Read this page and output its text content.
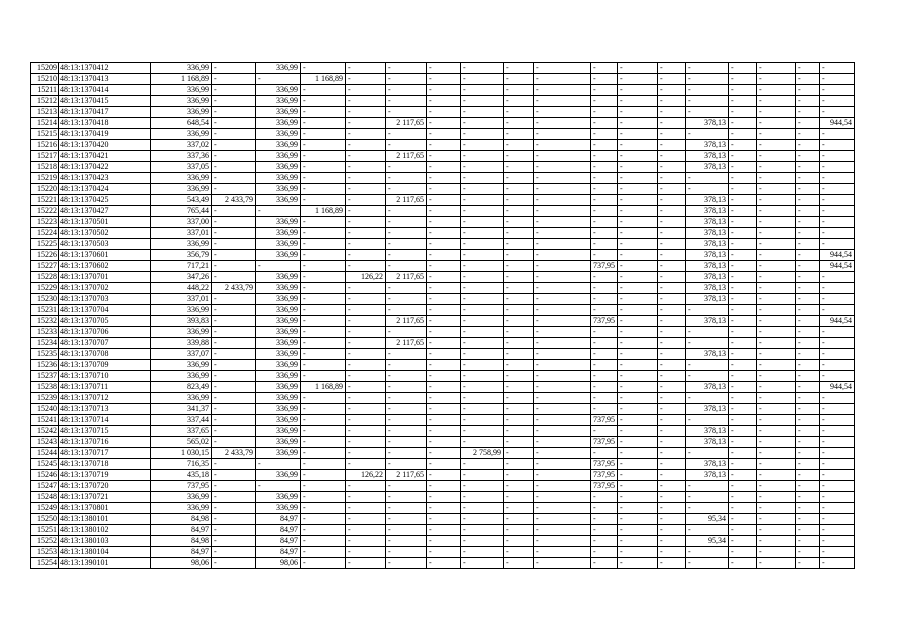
15209	48:13:1370412	336,99	-	336,99	-	-	-	-	-	-	-	-	-	-	-	-	-	-	-
15210	48:13:1370413	1 168,89	-	-	1 168,89	-	-	-	-	-	-	-	-	-	-	-	-	-	-
15211	48:13:1370414	336,99	-	336,99	-	-	-	-	-	-	-	-	-	-	-	-	-	-	-
15212	48:13:1370415	336,99	-	336,99	-	-	-	-	-	-	-	-	-	-	-	-	-	-	-
15213	48:13:1370417	336,99	-	336,99	-	-	-	-	-	-	-	-	-	-	-	-	-	-	-
15214	48:13:1370418	648,54	-	336,99	-	-	2 117,65	-	-	-	-	-	-	-	378,13	-	-	-	944,54
15215	48:13:1370419	336,99	-	336,99	-	-	-	-	-	-	-	-	-	-	-	-	-	-	-
15216	48:13:1370420	337,02	-	336,99	-	-	-	-	-	-	-	-	-	-	378,13	-	-	-	-
15217	48:13:1370421	337,36	-	336,99	-	-	2 117,65	-	-	-	-	-	-	-	378,13	-	-	-	-
15218	48:13:1370422	337,05	-	336,99	-	-	-	-	-	-	-	-	-	-	378,13	-	-	-	-
15219	48:13:1370423	336,99	-	336,99	-	-	-	-	-	-	-	-	-	-	-	-	-	-	-
15220	48:13:1370424	336,99	-	336,99	-	-	-	-	-	-	-	-	-	-	-	-	-	-	-
15221	48:13:1370425	543,49	2 433,79	336,99	-	-	2 117,65	-	-	-	-	-	-	-	378,13	-	-	-	-
15222	48:13:1370427	765,44	-	-	1 168,89	-	-	-	-	-	-	-	-	-	378,13	-	-	-	-
15223	48:13:1370501	337,00	-	336,99	-	-	-	-	-	-	-	-	-	-	378,13	-	-	-	-
15224	48:13:1370502	337,01	-	336,99	-	-	-	-	-	-	-	-	-	-	378,13	-	-	-	-
15225	48:13:1370503	336,99	-	336,99	-	-	-	-	-	-	-	-	-	-	378,13	-	-	-	-
15226	48:13:1370601	356,79	-	336,99	-	-	-	-	-	-	-	-	-	-	378,13	-	-	-	944,54
15227	48:13:1370602	717,21	-	-	-	-	-	-	-	-	-	737,95	-	-	378,13	-	-	-	944,54
15228	48:13:1370701	347,26	-	336,99	-	126,22	2 117,65	-	-	-	-	-	-	-	378,13	-	-	-	-
15229	48:13:1370702	448,22	2 433,79	336,99	-	-	-	-	-	-	-	-	-	-	378,13	-	-	-	-
15230	48:13:1370703	337,01	-	336,99	-	-	-	-	-	-	-	-	-	-	378,13	-	-	-	-
15231	48:13:1370704	336,99	-	336,99	-	-	-	-	-	-	-	-	-	-	-	-	-	-	-
15232	48:13:1370705	393,83	-	336,99	-	-	2 117,65	-	-	-	-	737,95	-	-	378,13	-	-	-	944,54
15233	48:13:1370706	336,99	-	336,99	-	-	-	-	-	-	-	-	-	-	-	-	-	-	-
15234	48:13:1370707	339,88	-	336,99	-	-	2 117,65	-	-	-	-	-	-	-	-	-	-	-	-
15235	48:13:1370708	337,07	-	336,99	-	-	-	-	-	-	-	-	-	-	378,13	-	-	-	-
15236	48:13:1370709	336,99	-	336,99	-	-	-	-	-	-	-	-	-	-	-	-	-	-	-
15237	48:13:1370710	336,99	-	336,99	-	-	-	-	-	-	-	-	-	-	-	-	-	-	-
15238	48:13:1370711	823,49	-	336,99	1 168,89	-	-	-	-	-	-	-	-	-	378,13	-	-	-	944,54
15239	48:13:1370712	336,99	-	336,99	-	-	-	-	-	-	-	-	-	-	-	-	-	-	-
15240	48:13:1370713	341,37	-	336,99	-	-	-	-	-	-	-	-	-	-	378,13	-	-	-	-
15241	48:13:1370714	337,44	-	336,99	-	-	-	-	-	-	-	737,95	-	-	-	-	-	-	-
15242	48:13:1370715	337,65	-	336,99	-	-	-	-	-	-	-	-	-	-	378,13	-	-	-	-
15243	48:13:1370716	565,02	-	336,99	-	-	-	-	-	-	-	737,95	-	-	378,13	-	-	-	-
15244	48:13:1370717	1 030,15	2 433,79	336,99	-	-	-	-	2 758,99	-	-	-	-	-	-	-	-	-	-
15245	48:13:1370718	716,35	-	-	-	-	-	-	-	-	-	737,95	-	-	378,13	-	-	-	-
15246	48:13:1370719	435,18	-	336,99	-	126,22	2 117,65	-	-	-	-	737,95	-	-	378,13	-	-	-	-
15247	48:13:1370720	737,95	-	-	-	-	-	-	-	-	-	737,95	-	-	-	-	-	-	-
15248	48:13:1370721	336,99	-	336,99	-	-	-	-	-	-	-	-	-	-	-	-	-	-	-
15249	48:13:1370801	336,99	-	336,99	-	-	-	-	-	-	-	-	-	-	-	-	-	-	-
15250	48:13:1380101	84,98	-	84,97	-	-	-	-	-	-	-	-	-	-	95,34	-	-	-	-
15251	48:13:1380102	84,97	-	84,97	-	-	-	-	-	-	-	-	-	-	-	-	-	-	-
15252	48:13:1380103	84,98	-	84,97	-	-	-	-	-	-	-	-	-	-	95,34	-	-	-	-
15253	48:13:1380104	84,97	-	84,97	-	-	-	-	-	-	-	-	-	-	-	-	-	-	-
15254	48:13:1390101	98,06	-	98,06	-	-	-	-	-	-	-	-	-	-	-	-	-	-	-
